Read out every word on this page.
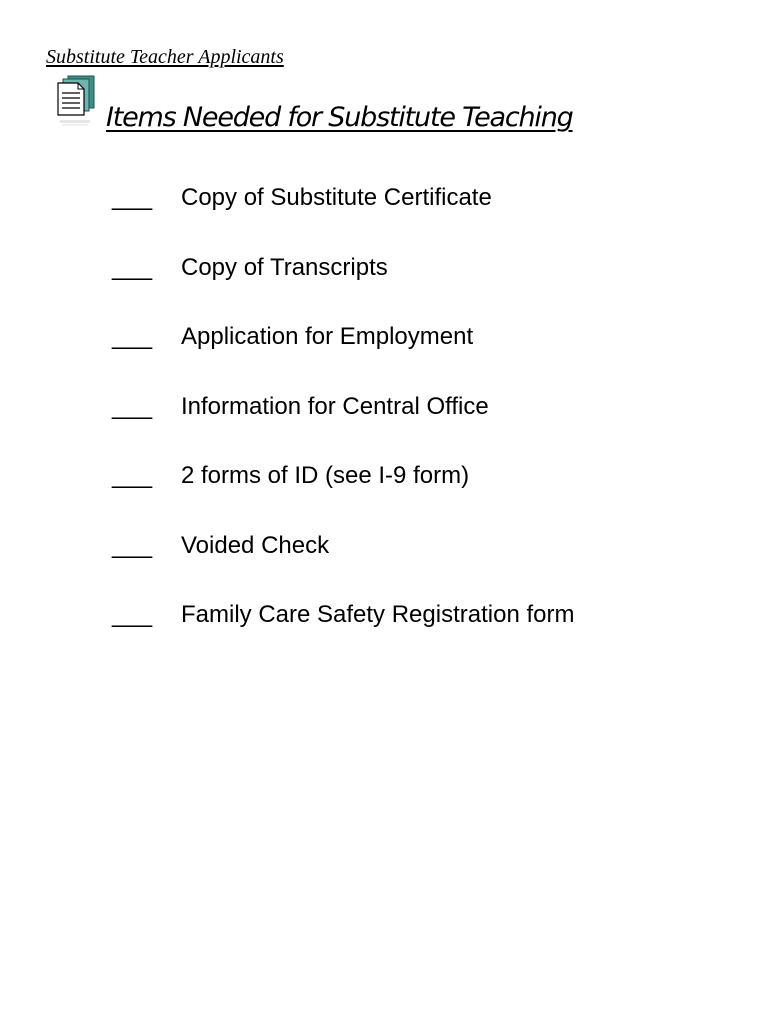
Substitute Teacher Applicants
Items Needed for Substitute Teaching
___	Copy of Substitute Certificate
___	Copy of Transcripts
___	Application for Employment
___	Information for Central Office
___	2 forms of ID (see I-9 form)
___	Voided Check
___	Family Care Safety Registration form
